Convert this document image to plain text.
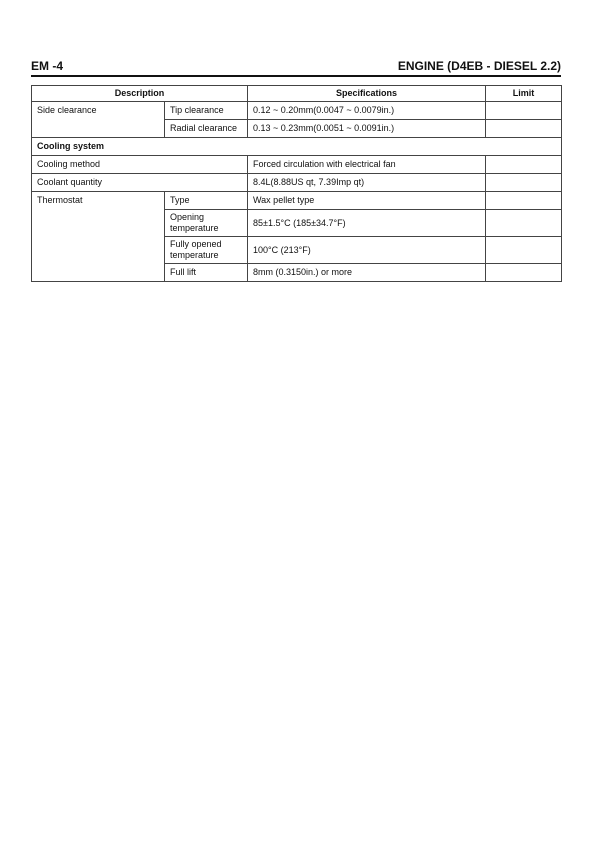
EM -4	ENGINE (D4EB - DIESEL 2.2)
Description		Specifications	Limit
Side clearance	Tip clearance	0.12 ~ 0.20mm(0.0047 ~ 0.0079in.)	
	Radial clearance	0.13 ~ 0.23mm(0.0051 ~ 0.0091in.)	
Cooling system			
Cooling method		Forced circulation with electrical fan	
Coolant quantity		8.4L(8.88US qt, 7.39Imp qt)	
Thermostat	Type	Wax pellet type	
	Opening temperature	85±1.5°C (185±34.7°F)	
	Fully opened temperature	100°C (213°F)	
	Full lift	8mm (0.3150in.) or more	
